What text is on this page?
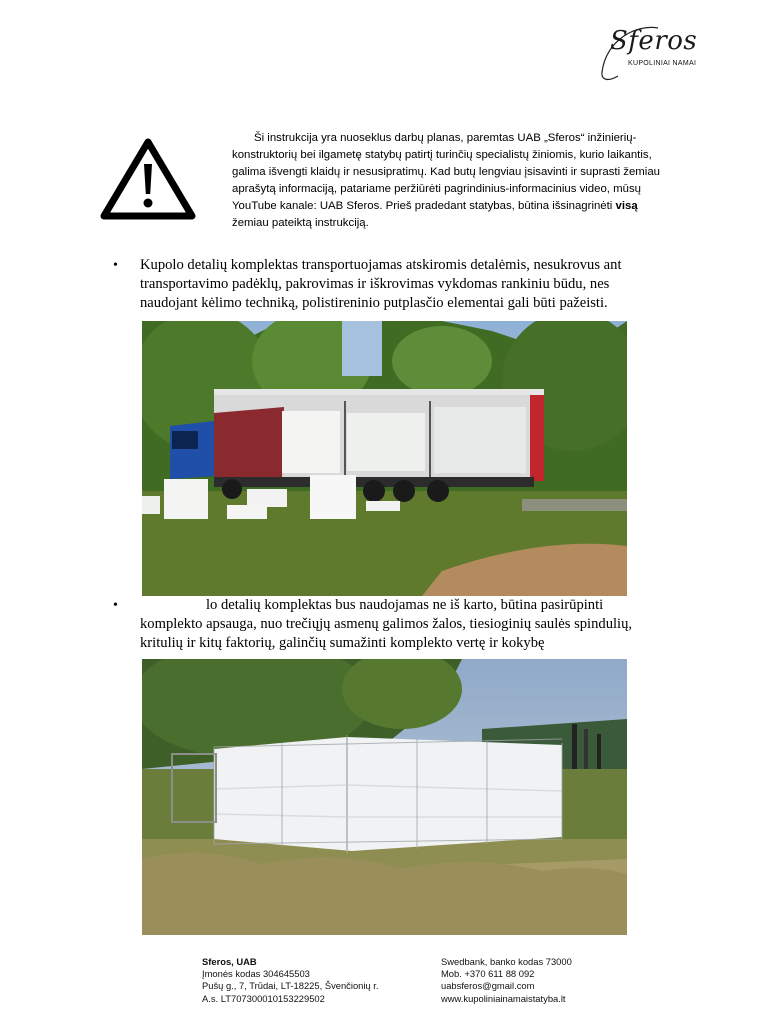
Sferos
KUPOLINIAI NAMAI
Ši instrukcija yra nuoseklus darbų planas, paremtas UAB „Sferos“ inžinierių-konstruktorių bei ilgametę statybų patirtį turinčių specialistų žiniomis, kurio laikantis, galima išvengti klaidų ir nesusipratimų. Kad butų lengviau įsisavinti ir suprasti žemiau aprašytą informaciją, patariame peržiūrėti pagrindinius-informacinius video, mūsų YouTube kanale: UAB Sferos. Prieš pradedant statybas, būtina išsinagrinėti visą žemiau pateiktą instrukciją.
• Kupolo detalių komplektas transportuojamas atskiromis detalėmis, nesukrovus ant transportavimo padėklų, pakrovimas ir iškrovimas vykdomas rankiniu būdu, nes naudojant kėlimo techniką, polistireninio putplasčio elementai gali būti pažeisti.
•	lo detalių komplektas bus naudojamas ne iš karto, būtina pasirūpinti komplekto apsauga, nuo trečiųjų asmenų galimos žalos, tiesioginių saulės spindulių, kritulių ir kitų faktorių, galinčių sumažinti komplekto vertę ir kokybę
Sferos, UAB
Įmonės kodas 304645503
Pušų g., 7, Trūdai, LT-18225, Švenčionių r.
A.s. LT707300010153229502
Swedbank, banko kodas 73000
Mob. +370 611 88 092
uabsferos@gmail.com
www.kupoliniainamaistatyba.lt
